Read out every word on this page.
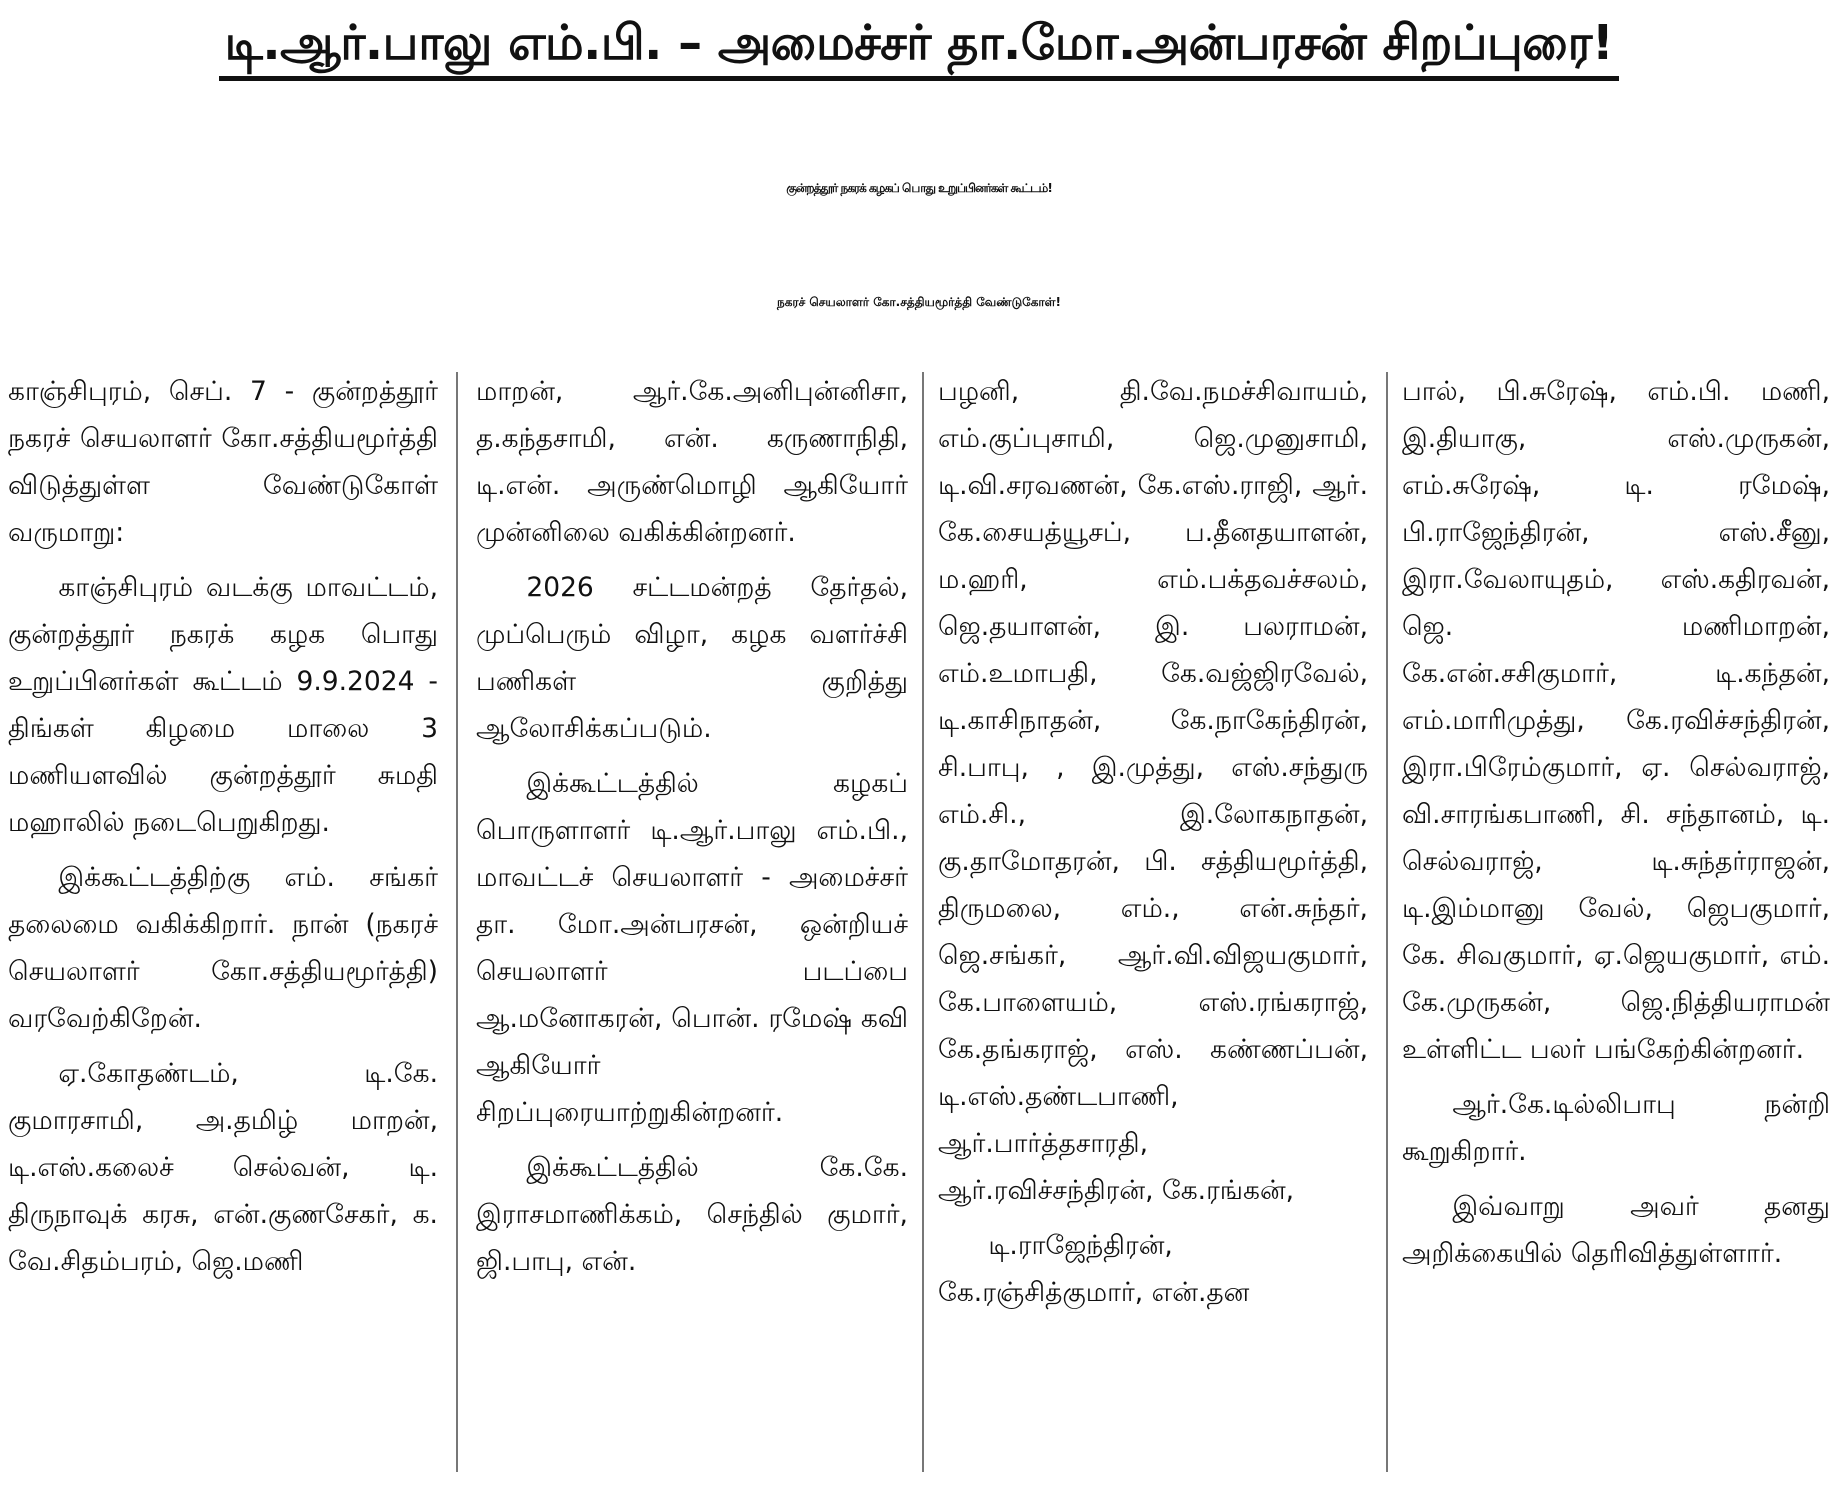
டி.ஆர்.பாலு எம்.பி. – அமைச்சர் தா.மோ.அன்பரசன் சிறப்புரை!
குன்றத்தூர் நகரக் கழகப் பொது உறுப்பினர்கள் கூட்டம்!
நகரச் செயலாளர் கோ.சத்தியமூர்த்தி வேண்டுகோள்!

காஞ்சிபுரம், செப். 7 - குன்றத்தூர் நகரச் செயலாளர் கோ.சத்தியமூர்த்தி விடுத்துள்ள வேண்டுகோள் வருமாறு:

காஞ்சிபுரம் வடக்கு மாவட்டம், குன்றத்தூர் நகரக் கழக பொது உறுப்பினர்கள் கூட்டம் 9.9.2024 - திங்கள் கிழமை மாலை 3 மணியளவில் குன்றத்தூர் சுமதி மஹாலில் நடைபெறுகிறது.

இக்கூட்டத்திற்கு எம். சங்கர் தலைமை வகிக்கிறார். நான் (நகரச் செயலாளர் கோ.சத்தியமூர்த்தி) வரவேற்கிறேன்.

ஏ.கோதண்டம், டி.கே. குமாரசாமி, அ.தமிழ் மாறன், டி.எஸ்.கலைச் செல்வன், டி. திருநாவுக் கரசு, என்.குணசேகர், க. வே.சிதம்பரம், ஜெ.மணி

மாறன், ஆர்.கே.அனிபுன்னிசா, த.கந்தசாமி, என். கருணாநிதி, டி.என். அருண்மொழி ஆகியோர் முன்னிலை வகிக்கின்றனர்.

2026 சட்டமன்றத் தேர்தல், முப்பெரும் விழா, கழக வளர்ச்சி பணிகள் குறித்து ஆலோசிக்கப்படும்.

இக்கூட்டத்தில் கழகப் பொருளாளர் டி.ஆர்.பாலு எம்.பி., மாவட்டச் செயலாளர் - அமைச்சர் தா. மோ.அன்பரசன், ஒன்றியச் செயலாளர் படப்பை ஆ.மனோகரன், பொன். ரமேஷ் கவி ஆகியோர் சிறப்புரையாற்றுகின்றனர்.

இக்கூட்டத்தில் கே.கே. இராசமாணிக்கம், செந்தில் குமார், ஜி.பாபு, என்.

பழனி, தி.வே.நமச்சிவாயம், எம்.குப்புசாமி, ஜெ.முனுசாமி, டி.வி.சரவணன், கே.எஸ்.ராஜி, ஆர். கே.சையத்யூசப், ப.தீனதயாளன், ம.ஹரி, எம்.பக்தவச்சலம், ஜெ.தயாளன், இ. பலராமன், எம்.உமாபதி, கே.வஜ்ஜிரவேல், டி.காசிநாதன், கே.நாகேந்திரன், சி.பாபு, , இ.முத்து, எஸ்.சந்துரு எம்.சி., இ.லோகநாதன், கு.தாமோதரன், பி. சத்தியமூர்த்தி, திருமலை, எம்., என்.சுந்தர், ஜெ.சங்கர், ஆர்.வி.விஜயகுமார், கே.பாளையம், எஸ்.ரங்கராஜ், கே.தங்கராஜ், எஸ். கண்ணப்பன், டி.எஸ்.தண்டபாணி, ஆர்.பார்த்தசாரதி, ஆர்.ரவிச்சந்திரன், கே.ரங்கன்,

டி.ராஜேந்திரன், கே.ரஞ்சித்குமார், என்.தன

பால், பி.சுரேஷ், எம்.பி. மணி, இ.தியாகு, எஸ்.முருகன், எம்.சுரேஷ், டி. ரமேஷ், பி.ராஜேந்திரன், எஸ்.சீனு, இரா.வேலாயுதம், எஸ்.கதிரவன், ஜெ. மணிமாறன், கே.என்.சசிகுமார், டி.கந்தன், எம்.மாரிமுத்து, கே.ரவிச்சந்திரன், இரா.பிரேம்குமார், ஏ. செல்வராஜ், வி.சாரங்கபாணி, சி. சந்தானம், டி. செல்வராஜ், டி.சுந்தர்ராஜன், டி.இம்மானு வேல், ஜெபகுமார், கே. சிவகுமார், ஏ.ஜெயகுமார், எம். கே.முருகன், ஜெ.நித்தியராமன் உள்ளிட்ட பலர் பங்கேற்கின்றனர்.

ஆர்.கே.டில்லிபாபு நன்றி கூறுகிறார்.

இவ்வாறு அவர் தனது அறிக்கையில் தெரிவித்துள்ளார்.
